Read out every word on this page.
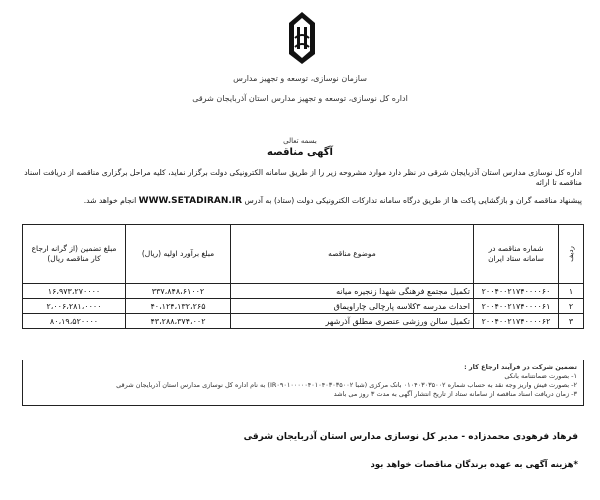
سازمان نوسازی، توسعه و تجهیز مدارس
اداره کل نوسازی، توسعه و تجهیز مدارس استان آذربایجان شرقی
بسمه تعالی
آگهی مناقصه
اداره کل نوسازی مدارس استان آذربایجان شرقی در نظر دارد موارد مشروحه زیر را از طریق سامانه الکترونیکی دولت برگزار نماید، کلیه مراحل برگزاری مناقصه از دریافت اسناد مناقصه تا ارائه
پیشنهاد مناقصه گران و بازگشایی پاکت ها از طریق درگاه سامانه تدارکات الکترونیکی دولت (ستاد) به آدرس WWW.SETADIRAN.IR انجام خواهد شد.
ردیف	شماره مناقصه در سامانه ستاد ایران	موضوع مناقصه	مبلغ برآورد اولیه (ریال)	مبلغ تضمین (از گرانه ارجاع کار مناقصه ریال)
۱	۲۰۰۴۰۰۲۱۷۴۰۰۰۰۶۰	تکمیل مجتمع فرهنگی شهدا زنجیره میانه	۳۳۷،۸۴۸،۶۱۰۰۲	۱۶،۹۷۳،۲۷۰۰۰۰
۲	۲۰۰۴۰۰۲۱۷۴۰۰۰۰۶۱	احداث مدرسه ۳کلاسه پارچالی چاراویماق	۴۰،۱۲۴،۱۳۲،۲۶۵	۲،۰۰۶،۲۸۱،۰۰۰۰
۳	۲۰۰۴۰۰۲۱۷۴۰۰۰۰۶۲	تکمیل سالن ورزشی عنصری مطلق آذرشهر	۴۳،۲۸۸،۳۷۴،۰۰۲	۸۰،۱۹،۵۲۰۰۰۰
تضمین شرکت در فرآیند ارجاع کار :
۱- بصورت ضمانتنامه بانکی
۲- بصورت فیش واریز وجه نقد به حساب شماره ۰۱۰۴۰۳۰۳۵۰۰۲ بانک مرکزی (شبا IR۰۹۰۱۰۰۰۰۰۴۰۱۰۴۰۳۰۳۵۰۰۲) به نام اداره کل نوسازی مدارس استان آذربایجان شرقی
۳- زمان دریافت اسناد مناقصه از سامانه ستاد از تاریخ انتشار آگهی به مدت ۳ روز می باشد
فرهاد فرهودی محمدزاده - مدیر کل نوسازی مدارس استان آذربایجان شرقی
*هزینه آگهی به عهده برندگان مناقصات خواهد بود
